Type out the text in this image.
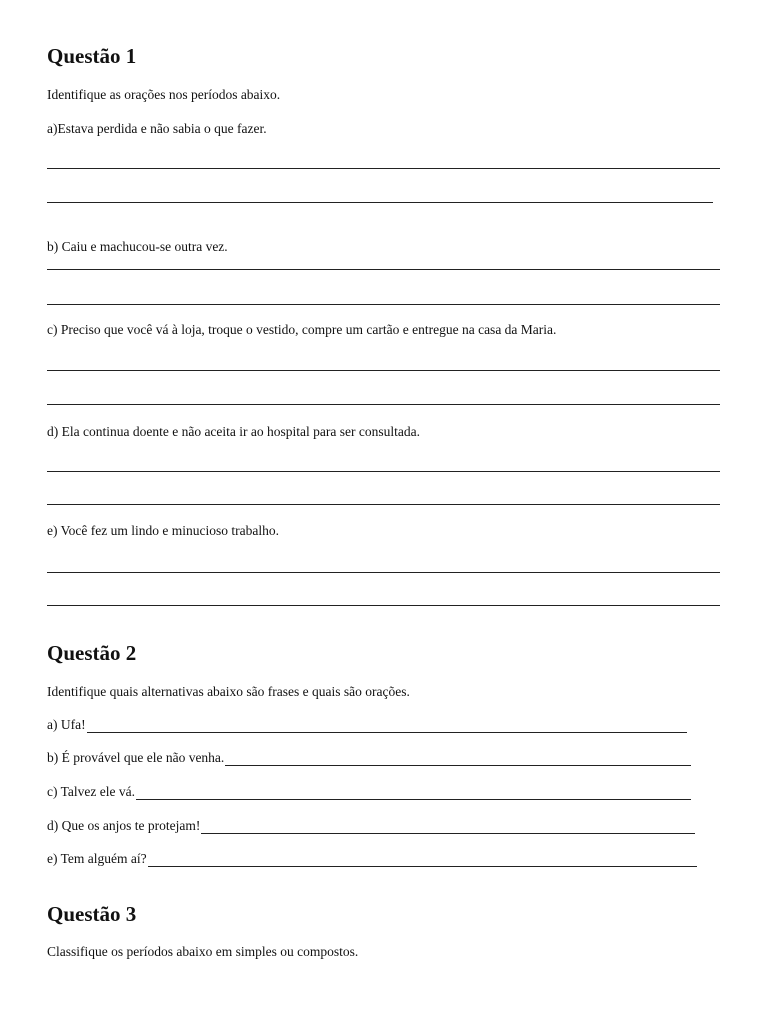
Questão 1
Identifique as orações nos períodos abaixo.
a)Estava perdida e não sabia o que fazer.
b) Caiu e machucou-se outra vez.
c) Preciso que você vá à loja, troque o vestido, compre um cartão e entregue na casa da Maria.
d) Ela continua doente e não aceita ir ao hospital para ser consultada.
e) Você fez um lindo e minucioso trabalho.
Questão 2
Identifique quais alternativas abaixo são frases e quais são orações.
a) Ufa!
b) É provável que ele não venha.
c) Talvez ele vá.
d) Que os anjos te protejam!
e) Tem alguém aí?
Questão 3
Classifique os períodos abaixo em simples ou compostos.
